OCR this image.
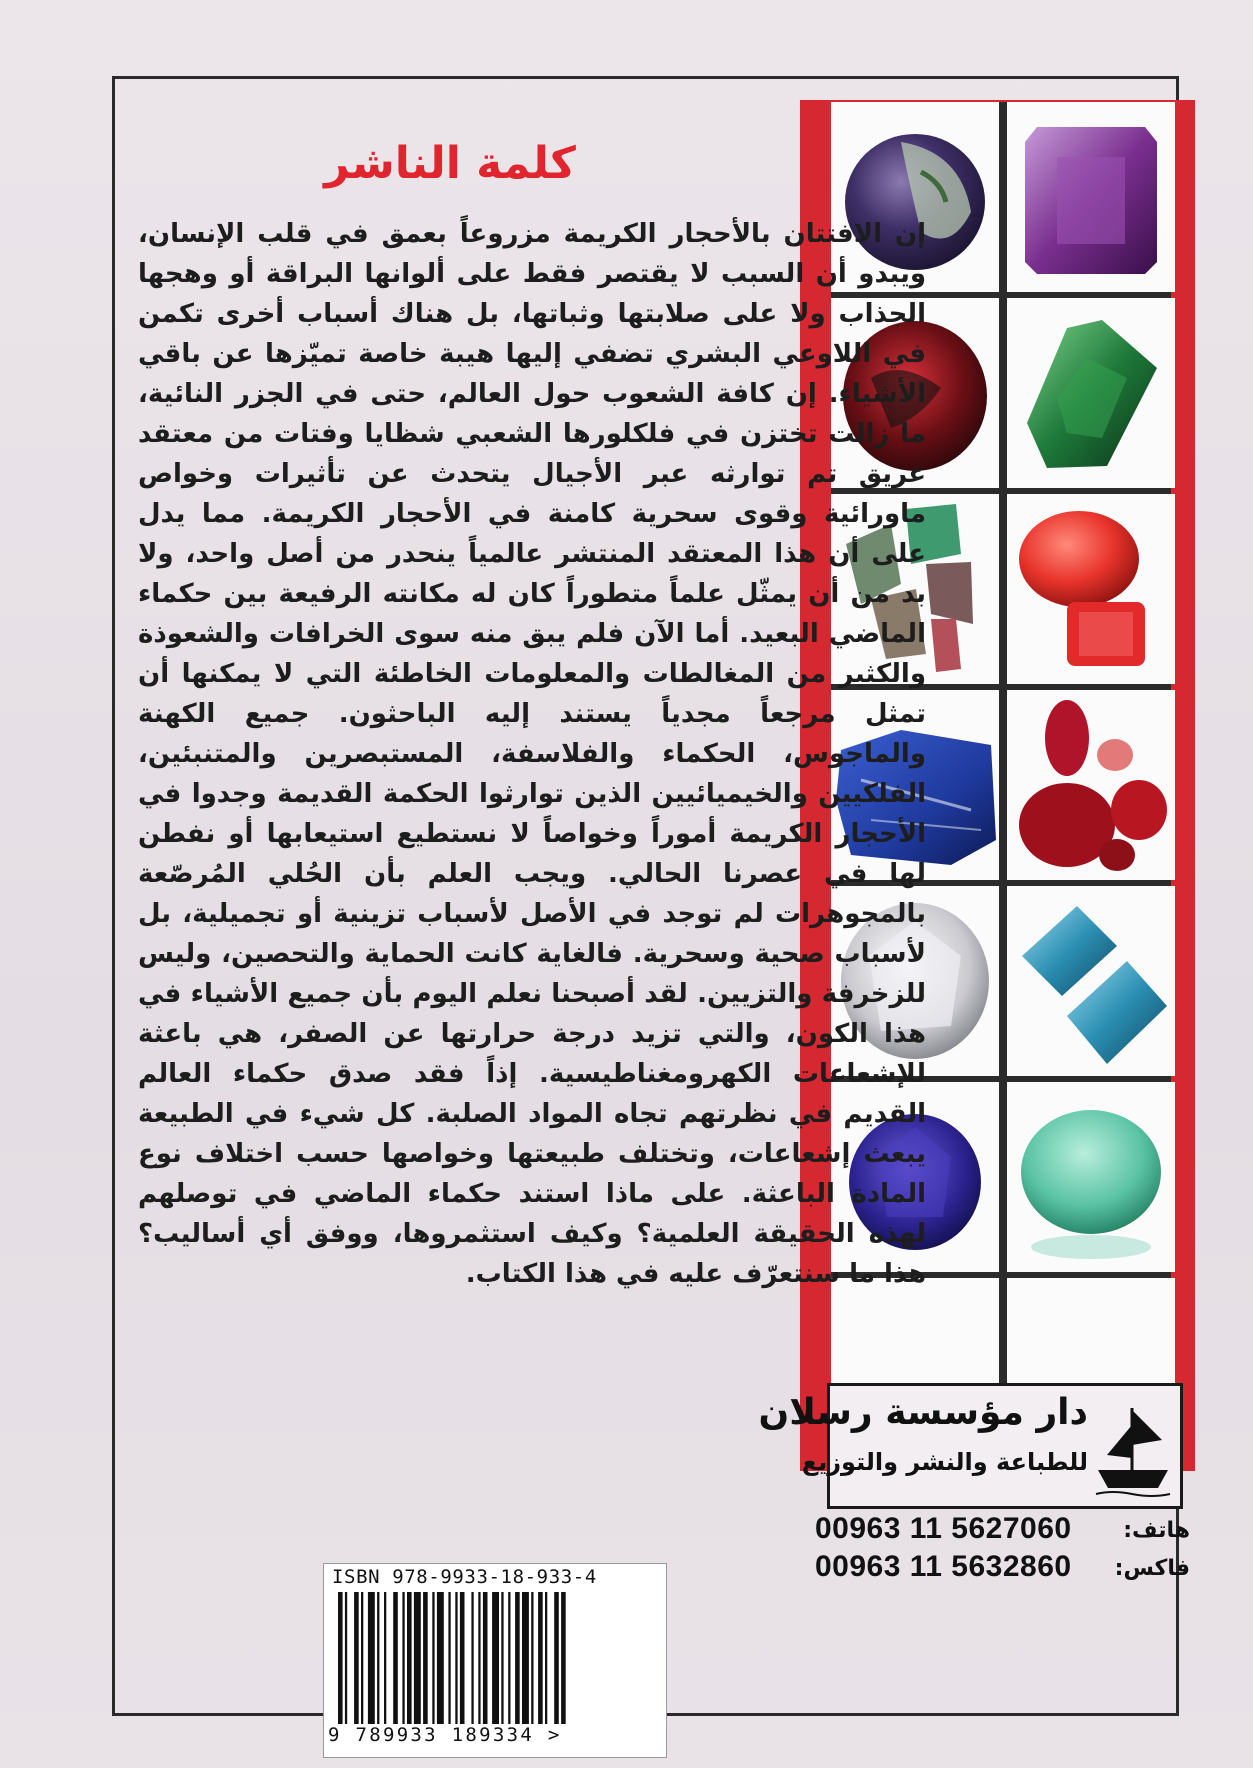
كلمة الناشر

إن الافتتان بالأحجار الكريمة مزروعاً بعمق في قلب الإنسان، ويبدو أن السبب لا يقتصر فقط على ألوانها البراقة أو وهجها الجذاب ولا على صلابتها وثباتها، بل هناك أسباب أخرى تكمن في اللاوعي البشري تضفي إليها هيبة خاصة تميّزها عن باقي الأشياء. إن كافة الشعوب حول العالم، حتى في الجزر النائية، ما زالت تختزن في فلكلورها الشعبي شظايا وفتات من معتقد عريق تم توارثه عبر الأجيال يتحدث عن تأثيرات وخواص ماورائية وقوى سحرية كامنة في الأحجار الكريمة. مما يدل على أن هذا المعتقد المنتشر عالمياً ينحدر من أصل واحد، ولا بد من أن يمثّل علماً متطوراً كان له مكانته الرفيعة بين حكماء الماضي البعيد. أما الآن فلم يبق منه سوى الخرافات والشعوذة والكثير من المغالطات والمعلومات الخاطئة التي لا يمكنها أن تمثل مرجعاً مجدياً يستند إليه الباحثون. جميع الكهنة والماجوس، الحكماء والفلاسفة، المستبصرين والمتنبئين، الفلكيين والخيميائيين الذين توارثوا الحكمة القديمة وجدوا في الأحجار الكريمة أموراً وخواصاً لا نستطيع استيعابها أو نفطن لها في عصرنا الحالي. ويجب العلم بأن الحُلي المُرصّعة بالمجوهرات لم توجد في الأصل لأسباب تزينية أو تجميلية، بل لأسباب صحية وسحرية. فالغاية كانت الحماية والتحصين، وليس للزخرفة والتزيين. لقد أصبحنا نعلم اليوم بأن جميع الأشياء في هذا الكون، والتي تزيد درجة حرارتها عن الصفر، هي باعثة للإشعاعات الكهرومغناطيسية. إذاً فقد صدق حكماء العالم القديم في نظرتهم تجاه المواد الصلبة. كل شيء في الطبيعة يبعث إشعاعات، وتختلف طبيعتها وخواصها حسب اختلاف نوع المادة الباعثة. على ماذا استند حكماء الماضي في توصلهم لهذه الحقيقة العلمية؟ وكيف استثمروها، ووفق أي أساليب؟ هذا ما سنتعرّف عليه في هذا الكتاب.

دار مؤسسة رسلان
للطباعة والنشر والتوزيع
00963 11 5627060 هاتف:
00963 11 5632860 فاكس:
ISBN 978-9933-18-933-4
9 789933 189334 >
